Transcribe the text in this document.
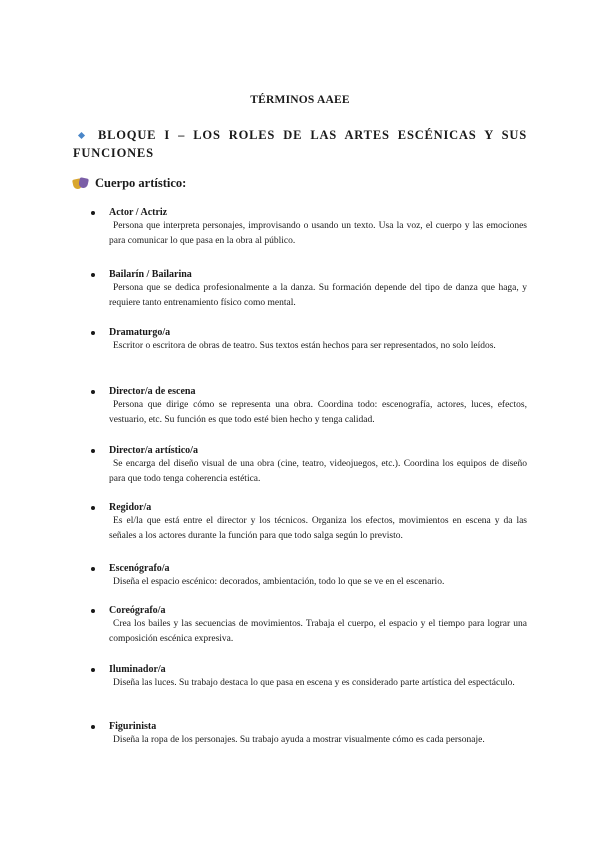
TÉRMINOS AAEE
BLOQUE I – LOS ROLES DE LAS ARTES ESCÉNICAS Y SUS FUNCIONES
Cuerpo artístico:
Actor / Actriz
Persona que interpreta personajes, improvisando o usando un texto. Usa la voz, el cuerpo y las emociones para comunicar lo que pasa en la obra al público.
Bailarín / Bailarina
Persona que se dedica profesionalmente a la danza. Su formación depende del tipo de danza que haga, y requiere tanto entrenamiento físico como mental.
Dramaturgo/a
Escritor o escritora de obras de teatro. Sus textos están hechos para ser representados, no solo leídos.
Director/a de escena
Persona que dirige cómo se representa una obra. Coordina todo: escenografía, actores, luces, efectos, vestuario, etc. Su función es que todo esté bien hecho y tenga calidad.
Director/a artístico/a
Se encarga del diseño visual de una obra (cine, teatro, videojuegos, etc.). Coordina los equipos de diseño para que todo tenga coherencia estética.
Regidor/a
Es el/la que está entre el director y los técnicos. Organiza los efectos, movimientos en escena y da las señales a los actores durante la función para que todo salga según lo previsto.
Escenógrafo/a
Diseña el espacio escénico: decorados, ambientación, todo lo que se ve en el escenario.
Coreógrafo/a
Crea los bailes y las secuencias de movimientos. Trabaja el cuerpo, el espacio y el tiempo para lograr una composición escénica expresiva.
Iluminador/a
Diseña las luces. Su trabajo destaca lo que pasa en escena y es considerado parte artística del espectáculo.
Figurinista
Diseña la ropa de los personajes. Su trabajo ayuda a mostrar visualmente cómo es cada personaje.
